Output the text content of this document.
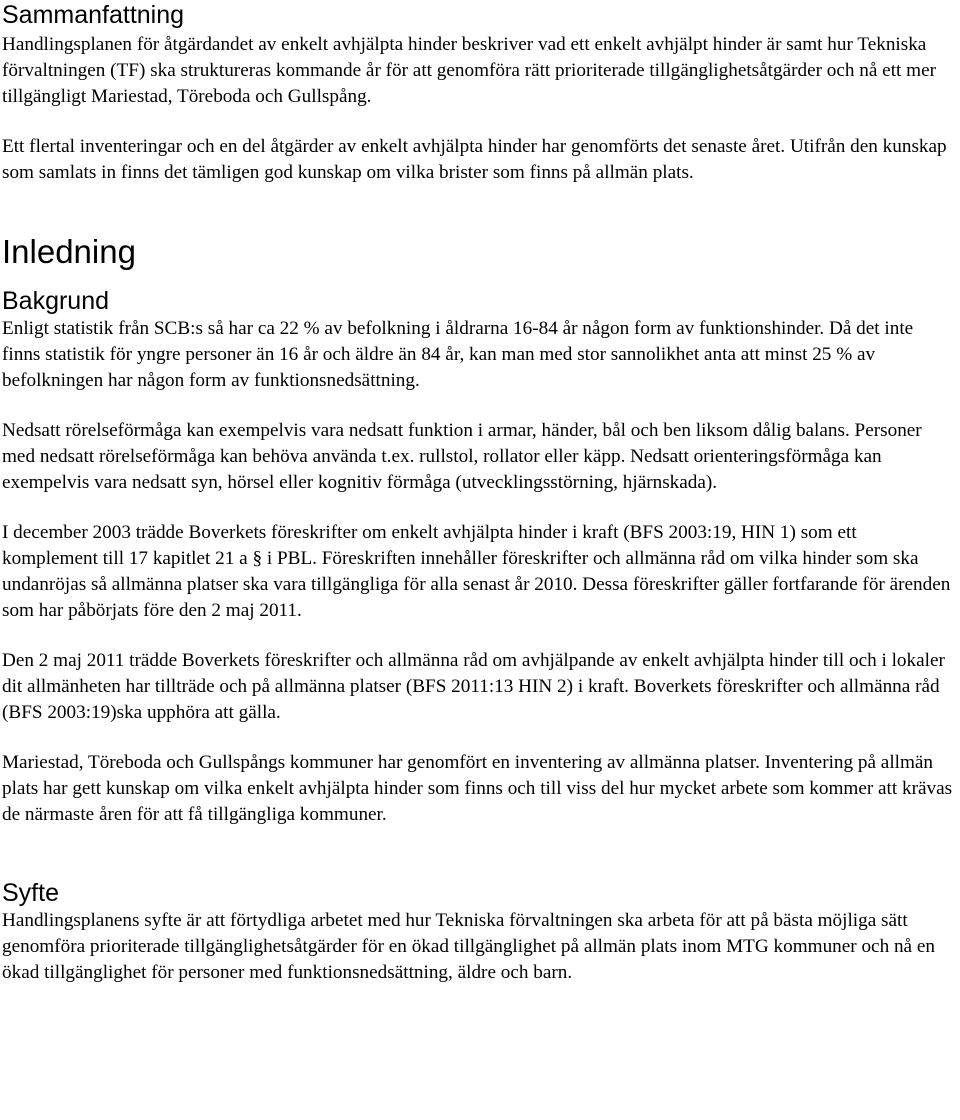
Sammanfattning

Handlingsplanen för åtgärdandet av enkelt avhjälpta hinder beskriver vad ett enkelt avhjälpt hinder är samt hur Tekniska förvaltningen (TF) ska struktureras kommande år för att genomföra rätt prioriterade tillgänglighetsåtgärder och nå ett mer tillgängligt Mariestad, Töreboda och Gullspång.

Ett flertal inventeringar och en del åtgärder av enkelt avhjälpta hinder har genomförts det senaste året. Utifrån den kunskap som samlats in finns det tämligen god kunskap om vilka brister som finns på allmän plats.

Inledning
Bakgrund

Enligt statistik från SCB:s så har ca 22 % av befolkning i åldrarna 16-84 år någon form av funktionshinder. Då det inte finns statistik för yngre personer än 16 år och äldre än 84 år, kan man med stor sannolikhet anta att minst 25 % av befolkningen har någon form av funktionsnedsättning.

Nedsatt rörelseförmåga kan exempelvis vara nedsatt funktion i armar, händer, bål och ben liksom dålig balans. Personer med nedsatt rörelseförmåga kan behöva använda t.ex. rullstol, rollator eller käpp. Nedsatt orienteringsförmåga kan exempelvis vara nedsatt syn, hörsel eller kognitiv förmåga (utvecklingsstörning, hjärnskada).

I december 2003 trädde Boverkets föreskrifter om enkelt avhjälpta hinder i kraft (BFS 2003:19, HIN 1) som ett komplement till 17 kapitlet 21 a § i PBL. Föreskriften innehåller föreskrifter och allmänna råd om vilka hinder som ska undanröjas så allmänna platser ska vara tillgängliga för alla senast år 2010. Dessa föreskrifter gäller fortfarande för ärenden som har påbörjats före den 2 maj 2011.

Den 2 maj 2011 trädde Boverkets föreskrifter och allmänna råd om avhjälpande av enkelt avhjälpta hinder till och i lokaler dit allmänheten har tillträde och på allmänna platser (BFS 2011:13 HIN 2) i kraft. Boverkets föreskrifter och allmänna råd (BFS 2003:19)ska upphöra att gälla.

Mariestad, Töreboda och Gullspångs kommuner har genomfört en inventering av allmänna platser. Inventering på allmän plats har gett kunskap om vilka enkelt avhjälpta hinder som finns och till viss del hur mycket arbete som kommer att krävas de närmaste åren för att få tillgängliga kommuner.

Syfte

Handlingsplanens syfte är att förtydliga arbetet med hur Tekniska förvaltningen ska arbeta för att på bästa möjliga sätt genomföra prioriterade tillgänglighetsåtgärder för en ökad tillgänglighet på allmän plats inom MTG kommuner och nå en ökad tillgänglighet för personer med funktionsnedsättning, äldre och barn.
